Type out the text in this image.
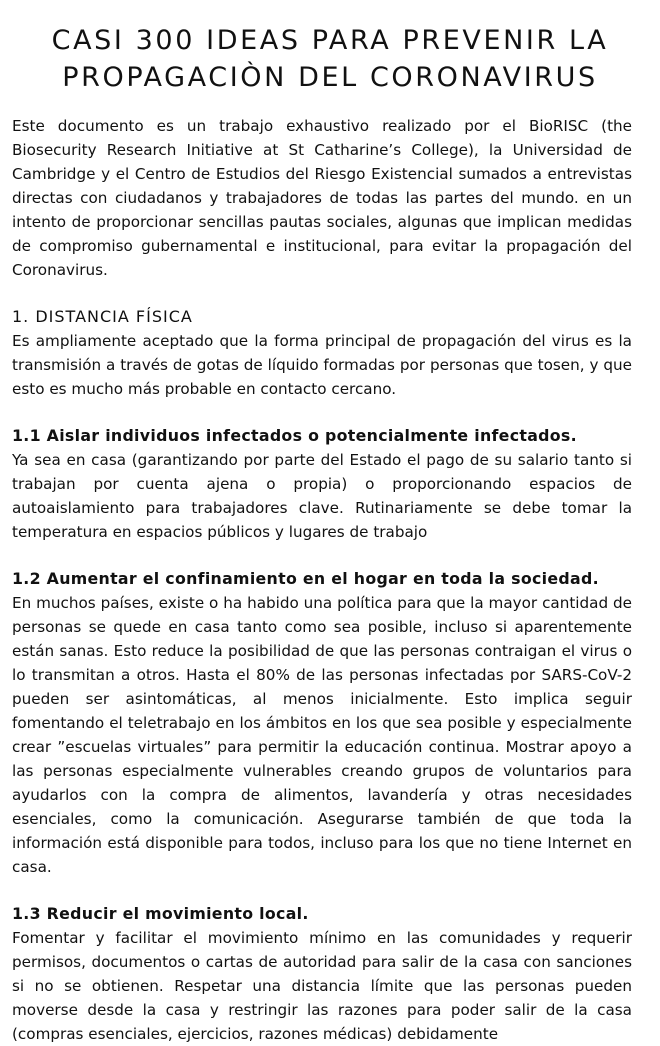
CASI 300 IDEAS PARA PREVENIR LA
PROPAGACIÒN DEL CORONAVIRUS

Este documento es un trabajo exhaustivo realizado por el BioRISC (the Biosecurity Research Initiative at St Catharine’s College), la Universidad de Cambridge y el Centro de Estudios del Riesgo Existencial sumados a entrevistas directas con ciudadanos y trabajadores de todas las partes del mundo. en un intento de proporcionar sencillas pautas sociales, algunas que implican medidas de compromiso gubernamental e institucional, para evitar la propagación del Coronavirus.

1. DISTANCIA FÍSICA

Es ampliamente aceptado que la forma principal de propagación del virus es la transmisión a través de gotas de líquido formadas por personas que tosen, y que esto es mucho más probable en contacto cercano.

1.1 Aislar individuos infectados o potencialmente infectados.

Ya sea en casa (garantizando por parte del Estado el pago de su salario tanto si trabajan por cuenta ajena o propia) o proporcionando espacios de autoaislamiento para trabajadores clave. Rutinariamente se debe tomar la temperatura en espacios públicos y lugares de trabajo

1.2 Aumentar el confinamiento en el hogar en toda la sociedad.

En muchos países, existe o ha habido una política para que la mayor cantidad de personas se quede en casa tanto como sea posible, incluso si aparentemente están sanas. Esto reduce la posibilidad de que las personas contraigan el virus o lo transmitan a otros. Hasta el 80% de las personas infectadas por SARS-CoV-2 pueden ser asintomáticas, al menos inicialmente. Esto implica seguir fomentando el teletrabajo en los ámbitos en los que sea posible y especialmente crear ”escuelas virtuales” para permitir la educación continua. Mostrar apoyo a las personas especialmente vulnerables creando grupos de voluntarios para ayudarlos con la compra de alimentos, lavandería y otras necesidades esenciales, como la comunicación. Asegurarse también de que toda la información está disponible para todos, incluso para los que no tiene Internet en casa.

1.3 Reducir el movimiento local.

Fomentar y facilitar el movimiento mínimo en las comunidades y requerir permisos, documentos o cartas de autoridad para salir de la casa con sanciones si no se obtienen. Respetar una distancia límite que las personas pueden moverse desde la casa y restringir las razones para poder salir de la casa (compras esenciales, ejercicios, razones médicas) debidamente
